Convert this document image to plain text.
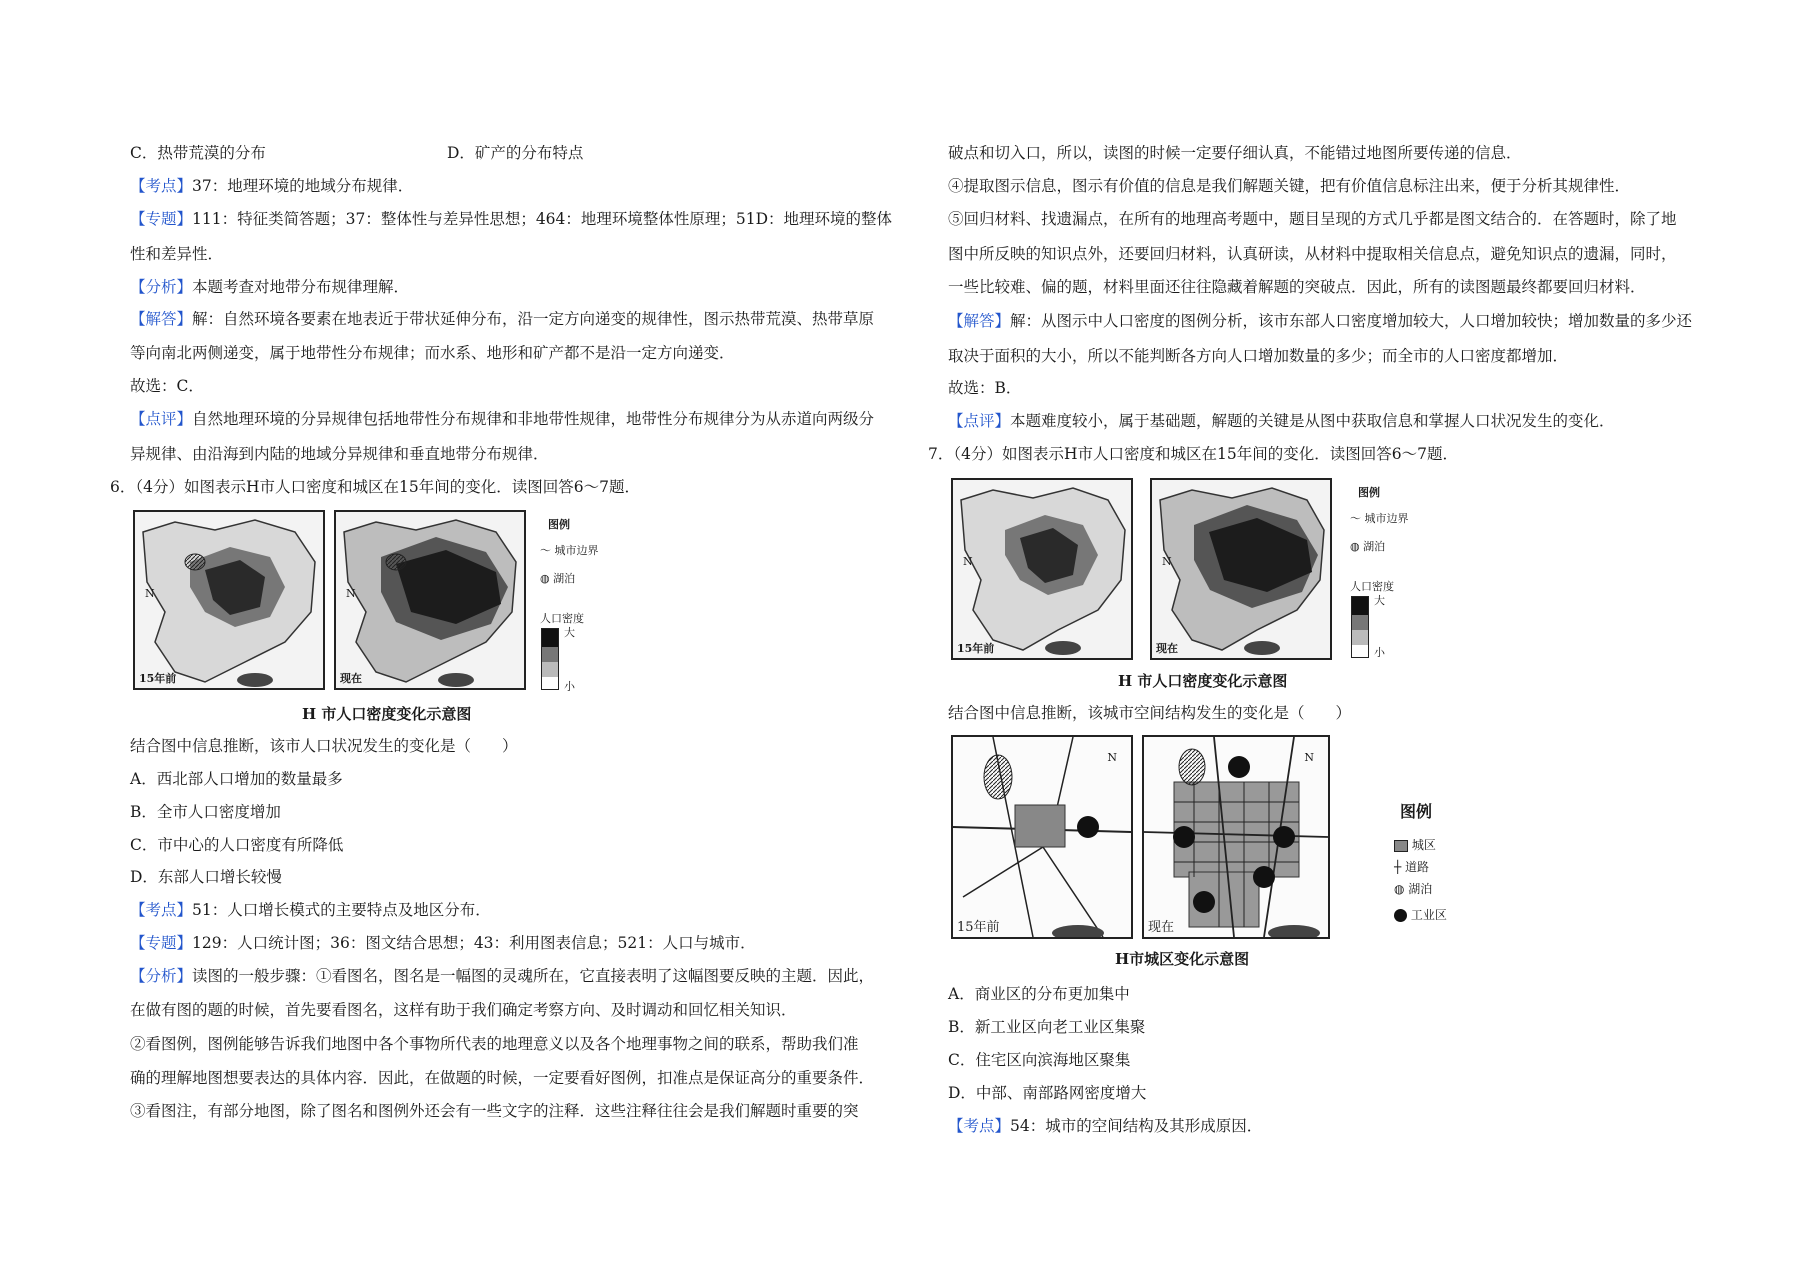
C．热带荒漠的分布	D．矿产的分布特点
【考点】37：地理环境的地域分布规律．
【专题】111：特征类简答题；37：整体性与差异性思想；464：地理环境整体性原理；51D：地理环境的整体
性和差异性．
【分析】本题考查对地带分布规律理解．
【解答】解：自然环境各要素在地表近于带状延伸分布，沿一定方向递变的规律性，图示热带荒漠、热带草原
等向南北两侧递变，属于地带性分布规律；而水系、地形和矿产都不是沿一定方向递变．
故选：C．
【点评】自然地理环境的分异规律包括地带性分布规律和非地带性规律，地带性分布规律分为从赤道向两级分
异规律、由沿海到内陆的地域分异规律和垂直地带分布规律．
6．（4分）如图表示H市人口密度和城区在15年间的变化．读图回答6～7题．
N
15年前
N
现在
图例
〜 城市边界
◍ 湖泊
人口密度
大
小
H 市人口密度变化示意图
结合图中信息推断，该市人口状况发生的变化是（　　）
A．西北部人口增加的数量最多
B．全市人口密度增加
C．市中心的人口密度有所降低
D．东部人口增长较慢
【考点】51：人口增长模式的主要特点及地区分布．
【专题】129：人口统计图；36：图文结合思想；43：利用图表信息；521：人口与城市．
【分析】读图的一般步骤：①看图名，图名是一幅图的灵魂所在，它直接表明了这幅图要反映的主题．因此，
在做有图的题的时候，首先要看图名，这样有助于我们确定考察方向、及时调动和回忆相关知识．
②看图例，图例能够告诉我们地图中各个事物所代表的地理意义以及各个地理事物之间的联系，帮助我们准
确的理解地图想要表达的具体内容．因此，在做题的时候，一定要看好图例，扣准点是保证高分的重要条件．
③看图注，有部分地图，除了图名和图例外还会有一些文字的注释．这些注释往往会是我们解题时重要的突
破点和切入口，所以，读图的时候一定要仔细认真，不能错过地图所要传递的信息．
④提取图示信息，图示有价值的信息是我们解题关键，把有价值信息标注出来，便于分析其规律性．
⑤回归材料、找遗漏点，在所有的地理高考题中，题目呈现的方式几乎都是图文结合的．在答题时，除了地
图中所反映的知识点外，还要回归材料，认真研读，从材料中提取相关信息点，避免知识点的遗漏，同时，
一些比较难、偏的题，材料里面还往往隐藏着解题的突破点．因此，所有的读图题最终都要回归材料．
【解答】解：从图示中人口密度的图例分析，该市东部人口密度增加较大，人口增加较快；增加数量的多少还
取决于面积的大小，所以不能判断各方向人口增加数量的多少；而全市的人口密度都增加．
故选：B．
【点评】本题难度较小，属于基础题，解题的关键是从图中获取信息和掌握人口状况发生的变化．
7．（4分）如图表示H市人口密度和城区在15年间的变化．读图回答6～7题．
N
15年前
N
现在
图例
〜 城市边界
◍ 湖泊
人口密度
大
小
H 市人口密度变化示意图
结合图中信息推断，该城市空间结构发生的变化是（　　）
N
15年前
N
现在
图例
城区
┼ 道路
◍ 湖泊
工业区
H市城区变化示意图
A．商业区的分布更加集中
B．新工业区向老工业区集聚
C．住宅区向滨海地区聚集
D．中部、南部路网密度增大
【考点】54：城市的空间结构及其形成原因．
